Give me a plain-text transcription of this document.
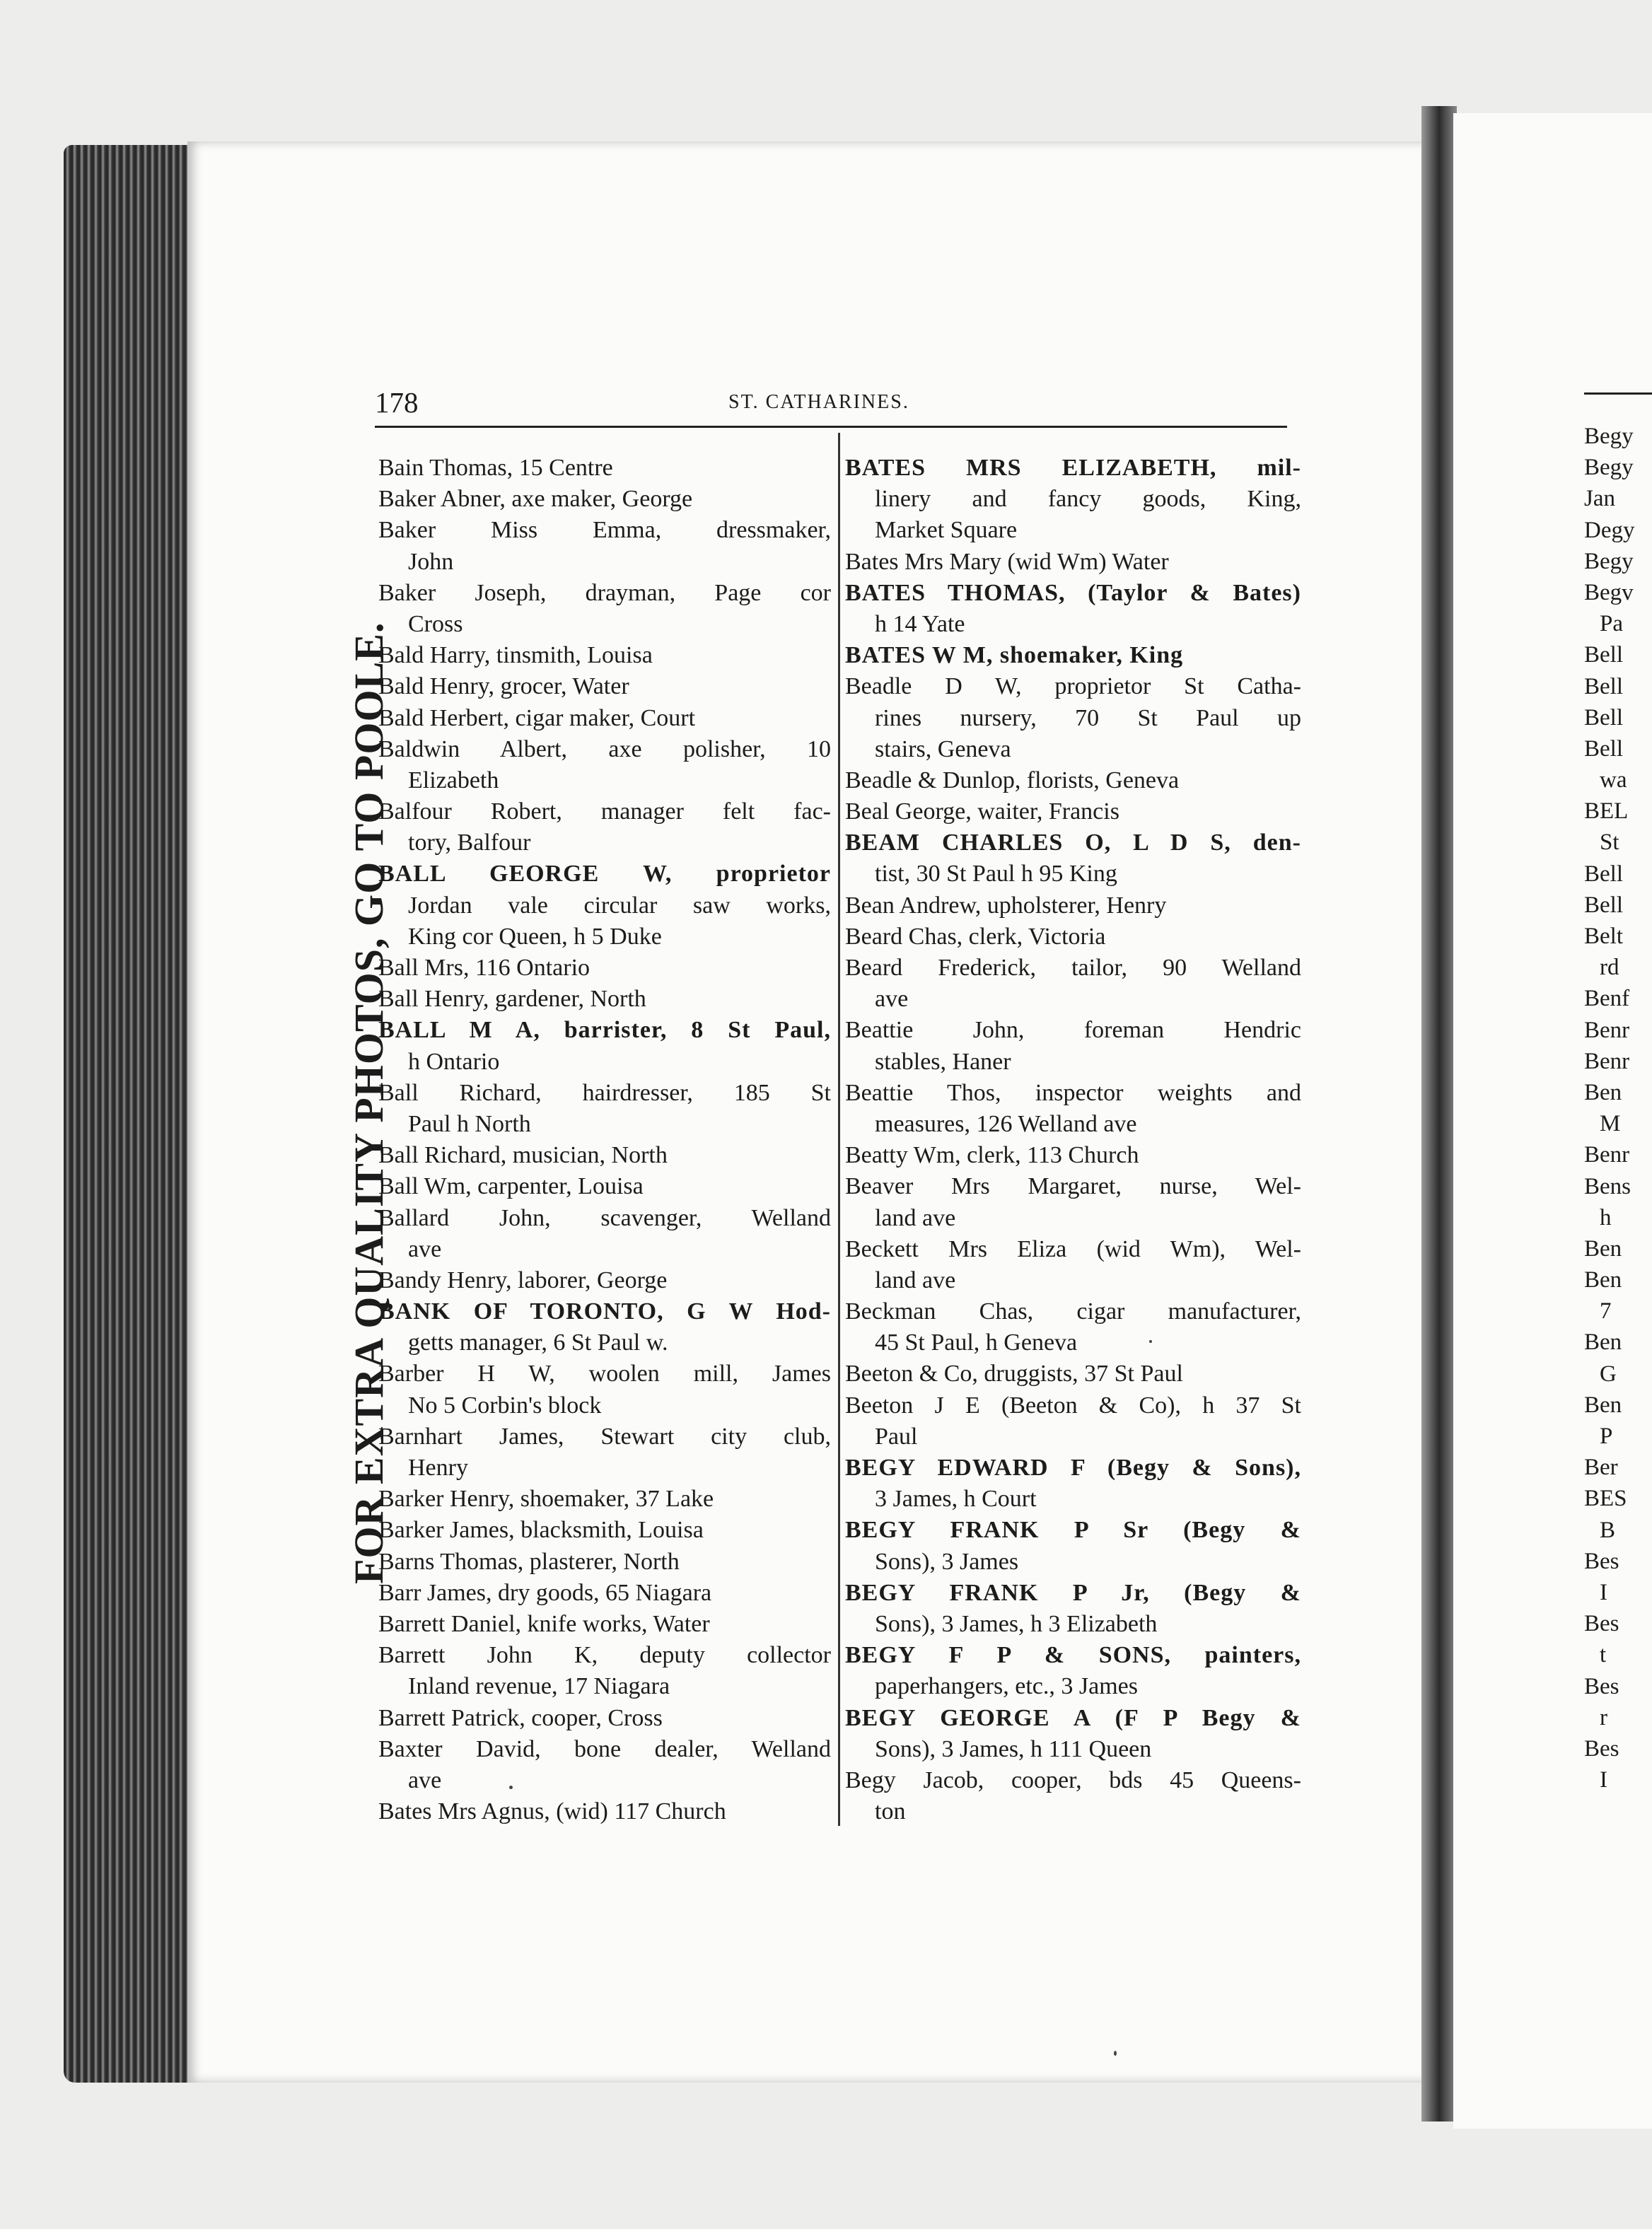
178	ST. CATHARINES.
FOR EXTRA QUALITY PHOTOS, GO TO POOLE.
Bain Thomas, 15 Centre
Baker Abner, axe maker, George
Baker Miss Emma, dressmaker,
John
Baker Joseph, drayman, Page cor
Cross
Bald Harry, tinsmith, Louisa
Bald Henry, grocer, Water
Bald Herbert, cigar maker, Court
Baldwin Albert, axe polisher, 10
Elizabeth
Balfour Robert, manager felt fac-
tory, Balfour
BALL GEORGE W, proprietor
Jordan vale circular saw works,
King cor Queen, h 5 Duke
Ball Mrs, 116 Ontario
Ball Henry, gardener, North
BALL M A, barrister, 8 St Paul,
h Ontario
Ball Richard, hairdresser, 185 St
Paul h North
Ball Richard, musician, North
Ball Wm, carpenter, Louisa
Ballard John, scavenger, Welland
ave
Bandy Henry, laborer, George
BANK OF TORONTO, G W Hod-
getts manager, 6 St Paul w.
Barber H W, woolen mill, James
No 5 Corbin's block
Barnhart James, Stewart city club,
Henry
Barker Henry, shoemaker, 37 Lake
Barker James, blacksmith, Louisa
Barns Thomas, plasterer, North
Barr James, dry goods, 65 Niagara
Barrett Daniel, knife works, Water
Barrett John K, deputy collector
Inland revenue, 17 Niagara
Barrett Patrick, cooper, Cross
Baxter David, bone dealer, Welland
ave
Bates Mrs Agnus, (wid) 117 Church
BATES MRS ELIZABETH, mil-
linery and fancy goods, King,
Market Square
Bates Mrs Mary (wid Wm) Water
BATES THOMAS, (Taylor & Bates)
h 14 Yate
BATES W M, shoemaker, King
Beadle D W, proprietor St Catha-
rines nursery, 70 St Paul up
stairs, Geneva
Beadle & Dunlop, florists, Geneva
Beal George, waiter, Francis
BEAM CHARLES O, L D S, den-
tist, 30 St Paul h 95 King
Bean Andrew, upholsterer, Henry
Beard Chas, clerk, Victoria
Beard Frederick, tailor, 90 Welland
ave
Beattie John, foreman Hendric
stables, Haner
Beattie Thos, inspector weights and
measures, 126 Welland ave
Beatty Wm, clerk, 113 Church
Beaver Mrs Margaret, nurse, Wel-
land ave
Beckett Mrs Eliza (wid Wm), Wel-
land ave
Beckman Chas, cigar manufacturer,
45 St Paul, h Geneva
Beeton & Co, druggists, 37 St Paul
Beeton J E (Beeton & Co), h 37 St
Paul
BEGY EDWARD F (Begy & Sons),
3 James, h Court
BEGY FRANK P Sr (Begy &
Sons), 3 James
BEGY FRANK P Jr, (Begy &
Sons), 3 James, h 3 Elizabeth
BEGY F P & SONS, painters,
paperhangers, etc., 3 James
BEGY GEORGE A (F P Begy &
Sons), 3 James, h 111 Queen
Begy Jacob, cooper, bds 45 Queens-
ton
Begy
Begy
Jan
Degy
Begy
Begv
Pa
Bell
Bell
Bell
Bell
wa
BEL
St
Bell
Bell
Belt
rd
Benf
Benr
Benr
Ben
M
Benr
Bens
h
Ben
Ben
7
Ben
G
Ben
P
Ber
BES
B
Bes
I
Bes
t
Bes
r
Bes
I
